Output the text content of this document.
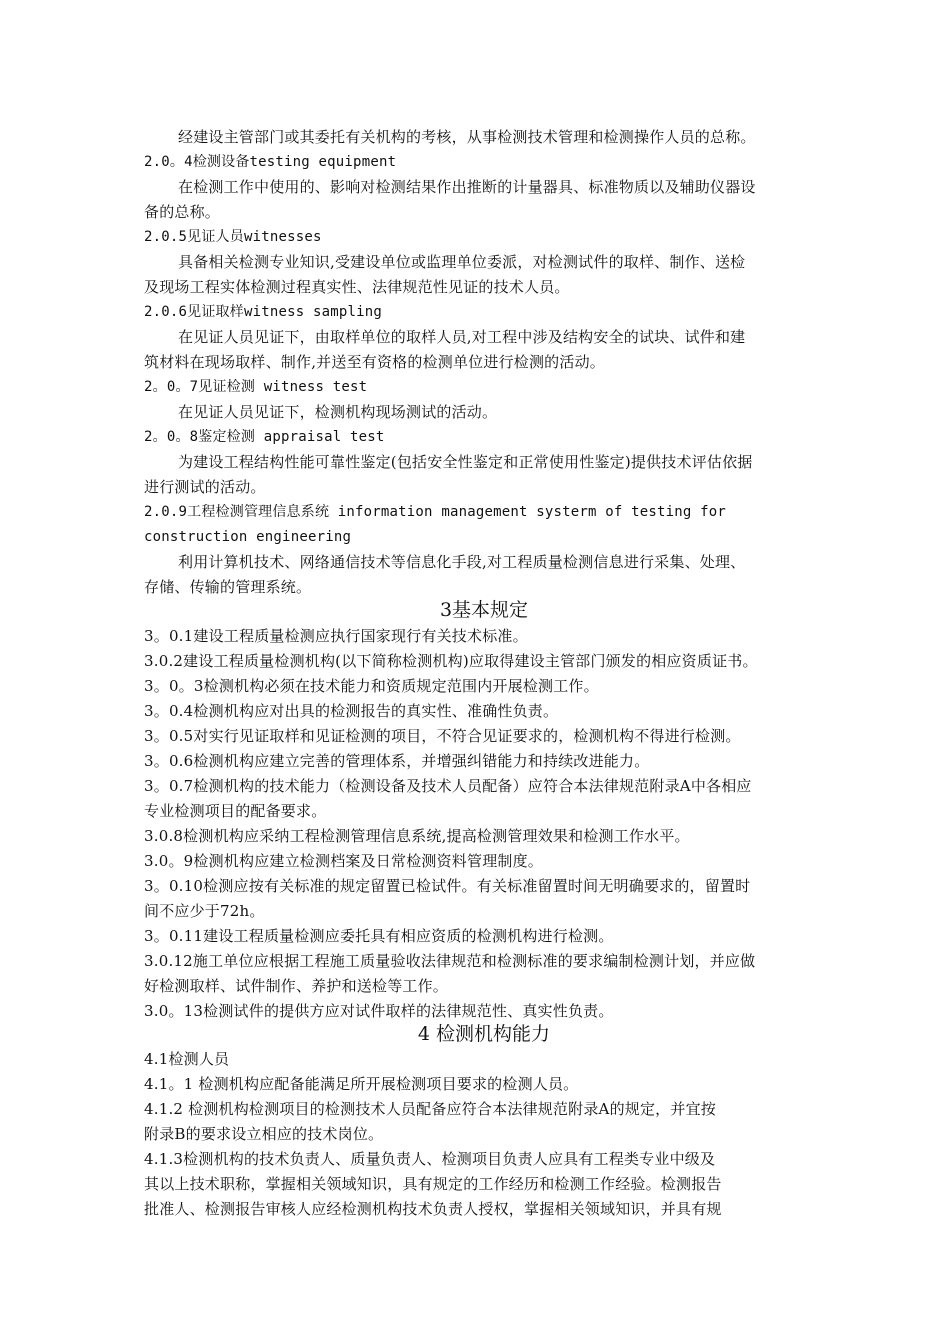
经建设主管部门或其委托有关机构的考核，从事检测技术管理和检测操作人员的总称。
2.0。4检测设备testing equipment
在检测工作中使用的、影响对检测结果作出推断的计量器具、标准物质以及辅助仪器设
备的总称。
2.0.5见证人员witnesses
具备相关检测专业知识,受建设单位或监理单位委派，对检测试件的取样、制作、送检
及现场工程实体检测过程真实性、法律规范性见证的技术人员。
2.0.6见证取样witness sampling
在见证人员见证下，由取样单位的取样人员,对工程中涉及结构安全的试块、试件和建
筑材料在现场取样、制作,并送至有资格的检测单位进行检测的活动。
2。0。7见证检测 witness test
在见证人员见证下，检测机构现场测试的活动。
2。0。8鉴定检测 appraisal test
为建设工程结构性能可靠性鉴定(包括安全性鉴定和正常使用性鉴定)提供技术评估依据
进行测试的活动。
2.0.9工程检测管理信息系统 information management systerm of testing for
construction engineering
利用计算机技术、网络通信技术等信息化手段,对工程质量检测信息进行采集、处理、
存储、传输的管理系统。
3基本规定
3。0.1建设工程质量检测应执行国家现行有关技术标准。
3.0.2建设工程质量检测机构(以下简称检测机构)应取得建设主管部门颁发的相应资质证书。
3。0。3检测机构必须在技术能力和资质规定范围内开展检测工作。
3。0.4检测机构应对出具的检测报告的真实性、准确性负责。
3。0.5对实行见证取样和见证检测的项目，不符合见证要求的，检测机构不得进行检测。
3。0.6检测机构应建立完善的管理体系，并增强纠错能力和持续改进能力。
3。0.7检测机构的技术能力（检测设备及技术人员配备）应符合本法律规范附录A中各相应
专业检测项目的配备要求。
3.0.8检测机构应采纳工程检测管理信息系统,提高检测管理效果和检测工作水平。
3.0。9检测机构应建立检测档案及日常检测资料管理制度。
3。0.10检测应按有关标准的规定留置已检试件。有关标准留置时间无明确要求的，留置时
间不应少于72h。
3。0.11建设工程质量检测应委托具有相应资质的检测机构进行检测。
3.0.12施工单位应根据工程施工质量验收法律规范和检测标准的要求编制检测计划，并应做
好检测取样、试件制作、养护和送检等工作。
3.0。13检测试件的提供方应对试件取样的法律规范性、真实性负责。
4 检测机构能力
4.1检测人员
4.1。1 检测机构应配备能满足所开展检测项目要求的检测人员。
4.1.2 检测机构检测项目的检测技术人员配备应符合本法律规范附录A的规定，并宜按
附录B的要求设立相应的技术岗位。
4.1.3检测机构的技术负责人、质量负责人、检测项目负责人应具有工程类专业中级及
其以上技术职称，掌握相关领域知识，具有规定的工作经历和检测工作经验。检测报告
批准人、检测报告审核人应经检测机构技术负责人授权，掌握相关领域知识，并具有规
